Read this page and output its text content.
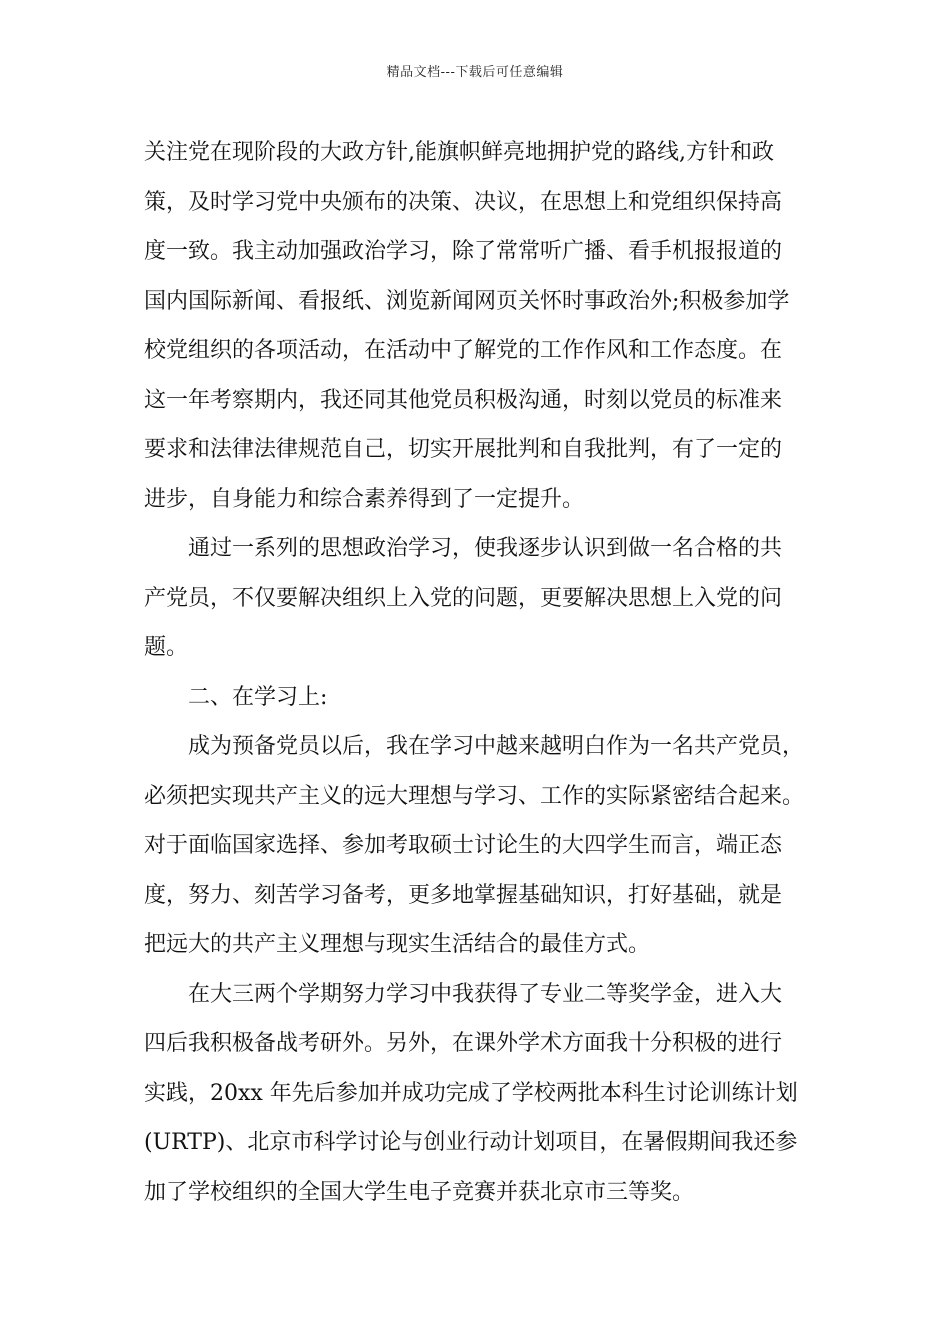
精品文档---下载后可任意编辑
关注党在现阶段的大政方针,能旗帜鲜亮地拥护党的路线,方针和政
策，及时学习党中央颁布的决策、决议，在思想上和党组织保持高
度一致。我主动加强政治学习，除了常常听广播、看手机报报道的
国内国际新闻、看报纸、浏览新闻网页关怀时事政治外;积极参加学
校党组织的各项活动，在活动中了解党的工作作风和工作态度。在
这一年考察期内，我还同其他党员积极沟通，时刻以党员的标准来
要求和法律法律规范自己，切实开展批判和自我批判，有了一定的
进步，自身能力和综合素养得到了一定提升。
通过一系列的思想政治学习，使我逐步认识到做一名合格的共
产党员，不仅要解决组织上入党的问题，更要解决思想上入党的问
题。
二、在学习上:
成为预备党员以后，我在学习中越来越明白作为一名共产党员，
必须把实现共产主义的远大理想与学习、工作的实际紧密结合起来。
对于面临国家选择、参加考取硕士讨论生的大四学生而言，端正态
度，努力、刻苦学习备考，更多地掌握基础知识，打好基础，就是
把远大的共产主义理想与现实生活结合的最佳方式。
在大三两个学期努力学习中我获得了专业二等奖学金，进入大
四后我积极备战考研外。另外，在课外学术方面我十分积极的进行
实践，20xx 年先后参加并成功完成了学校两批本科生讨论训练计划
(URTP)、北京市科学讨论与创业行动计划项目，在暑假期间我还参
加了学校组织的全国大学生电子竞赛并获北京市三等奖。
